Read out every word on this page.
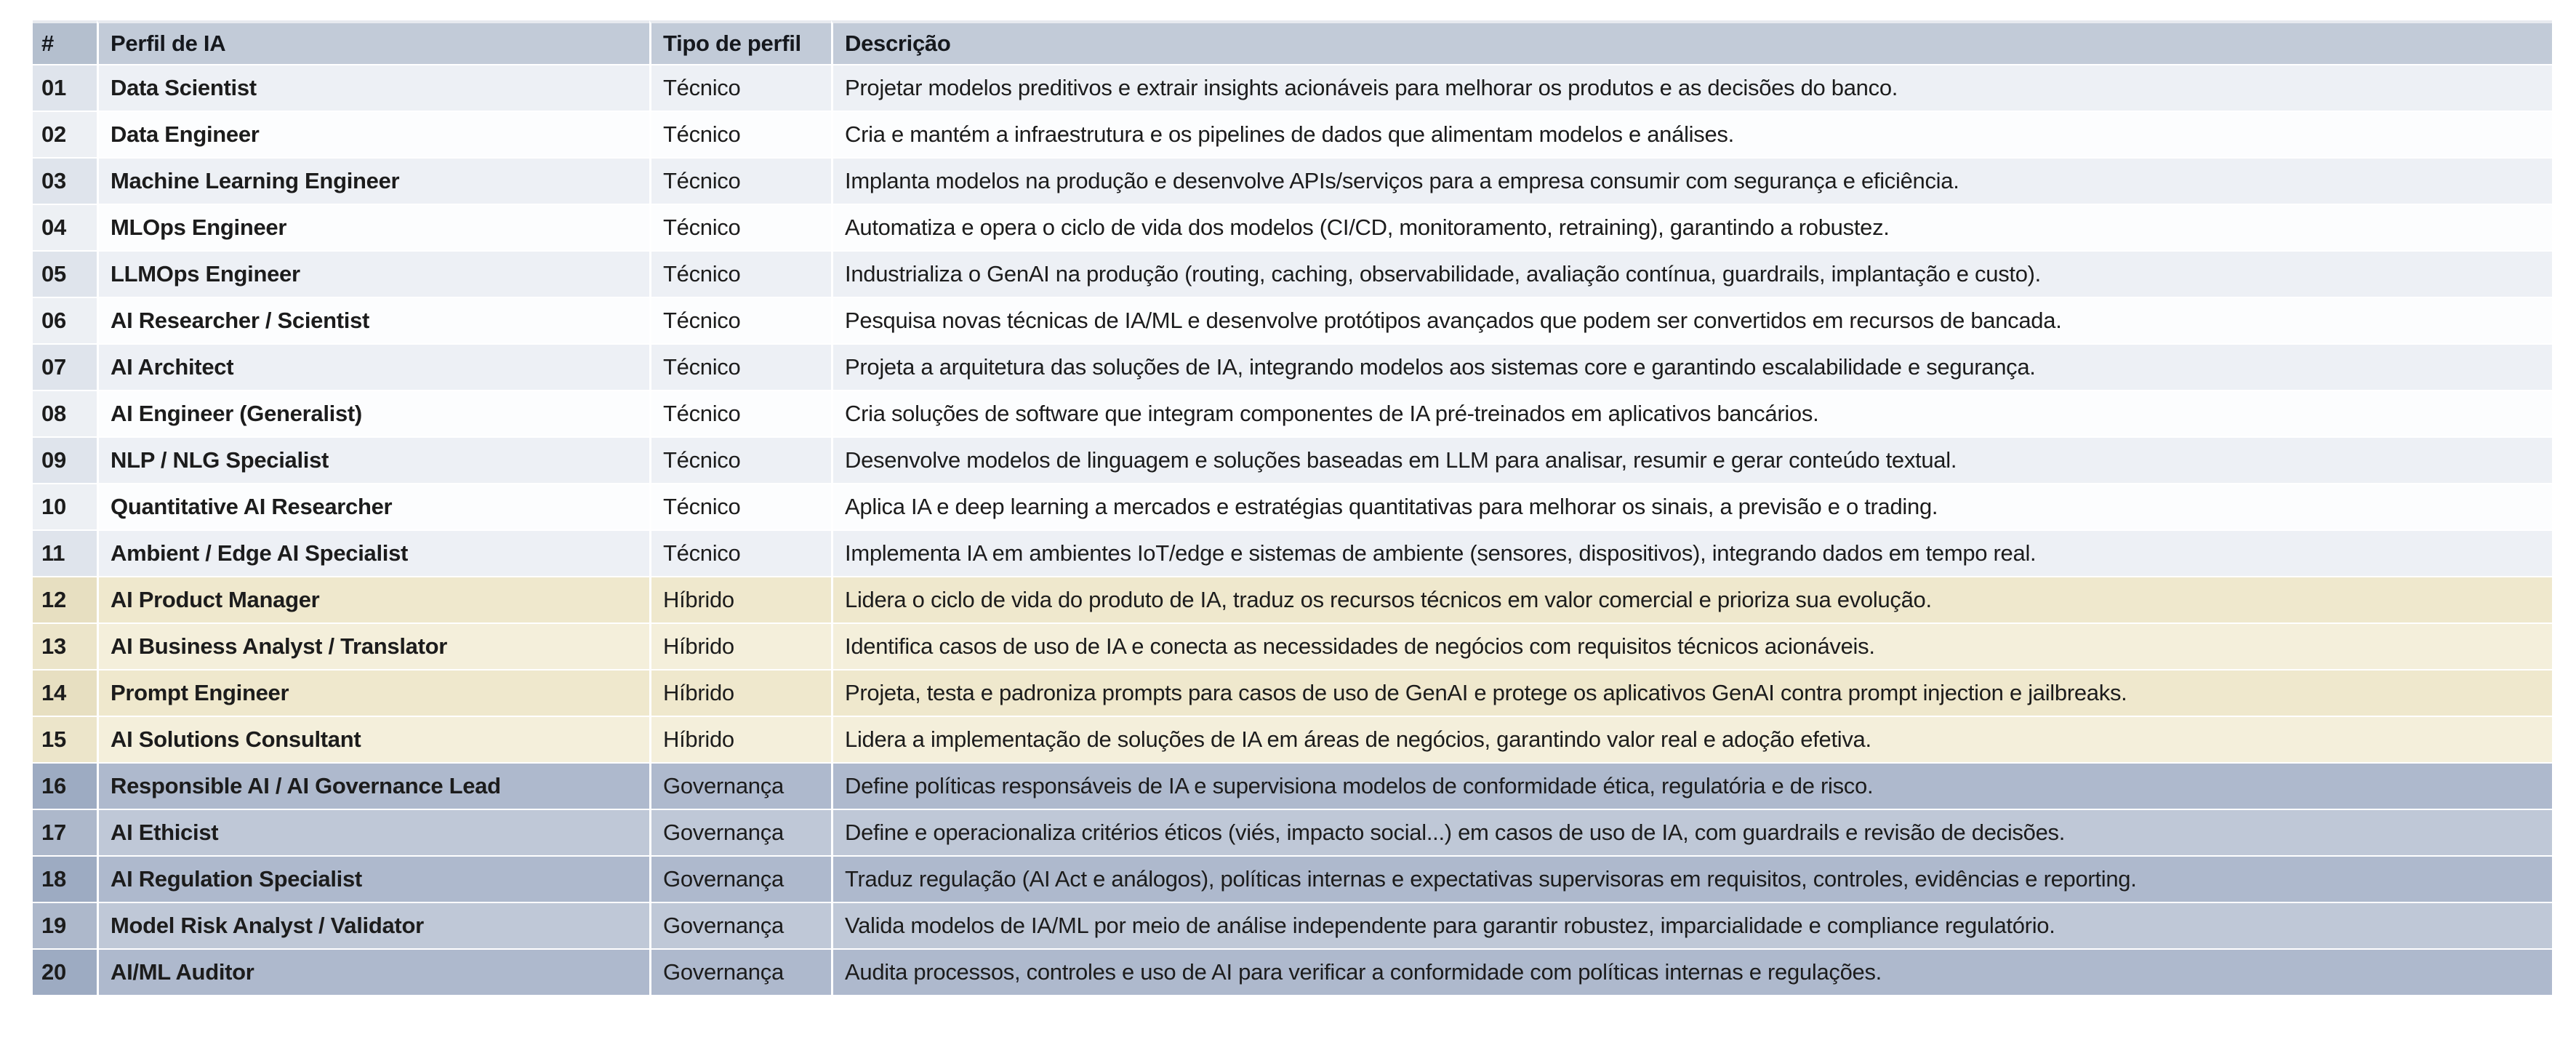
#	Perfil de IA	Tipo de perfil	Descrição
01	Data Scientist	Técnico	Projetar modelos preditivos e extrair insights acionáveis para melhorar os produtos e as decisões do banco.
02	Data Engineer	Técnico	Cria e mantém a infraestrutura e os pipelines de dados que alimentam modelos e análises.
03	Machine Learning Engineer	Técnico	Implanta modelos na produção e desenvolve APIs/serviços para a empresa consumir com segurança e eficiência.
04	MLOps Engineer	Técnico	Automatiza e opera o ciclo de vida dos modelos (CI/CD, monitoramento, retraining), garantindo a robustez.
05	LLMOps Engineer	Técnico	Industrializa o GenAI na produção (routing, caching, observabilidade, avaliação contínua, guardrails, implantação e custo).
06	AI Researcher / Scientist	Técnico	Pesquisa novas técnicas de IA/ML e desenvolve protótipos avançados que podem ser convertidos em recursos de bancada.
07	AI Architect	Técnico	Projeta a arquitetura das soluções de IA, integrando modelos aos sistemas core e garantindo escalabilidade e segurança.
08	AI Engineer (Generalist)	Técnico	Cria soluções de software que integram componentes de IA pré-treinados em aplicativos bancários.
09	NLP / NLG Specialist	Técnico	Desenvolve modelos de linguagem e soluções baseadas em LLM para analisar, resumir e gerar conteúdo textual.
10	Quantitative AI Researcher	Técnico	Aplica IA e deep learning a mercados e estratégias quantitativas para melhorar os sinais, a previsão e o trading.
11	Ambient / Edge AI Specialist	Técnico	Implementa IA em ambientes IoT/edge e sistemas de ambiente (sensores, dispositivos), integrando dados em tempo real.
12	AI Product Manager	Híbrido	Lidera o ciclo de vida do produto de IA, traduz os recursos técnicos em valor comercial e prioriza sua evolução.
13	AI Business Analyst / Translator	Híbrido	Identifica casos de uso de IA e conecta as necessidades de negócios com requisitos técnicos acionáveis.
14	Prompt Engineer	Híbrido	Projeta, testa e padroniza prompts para casos de uso de GenAI e protege os aplicativos GenAI contra prompt injection e jailbreaks.
15	AI Solutions Consultant	Híbrido	Lidera a implementação de soluções de IA em áreas de negócios, garantindo valor real e adoção efetiva.
16	Responsible AI / AI Governance Lead	Governança	Define políticas responsáveis de IA e supervisiona modelos de conformidade ética, regulatória e de risco.
17	AI Ethicist	Governança	Define e operacionaliza critérios éticos (viés, impacto social...) em casos de uso de IA, com guardrails e revisão de decisões.
18	AI Regulation Specialist	Governança	Traduz regulação (AI Act e análogos), políticas internas e expectativas supervisoras em requisitos, controles, evidências e reporting.
19	Model Risk Analyst / Validator	Governança	Valida modelos de IA/ML por meio de análise independente para garantir robustez, imparcialidade e compliance regulatório.
20	AI/ML Auditor	Governança	Audita processos, controles e uso de AI para verificar a conformidade com políticas internas e regulações.
